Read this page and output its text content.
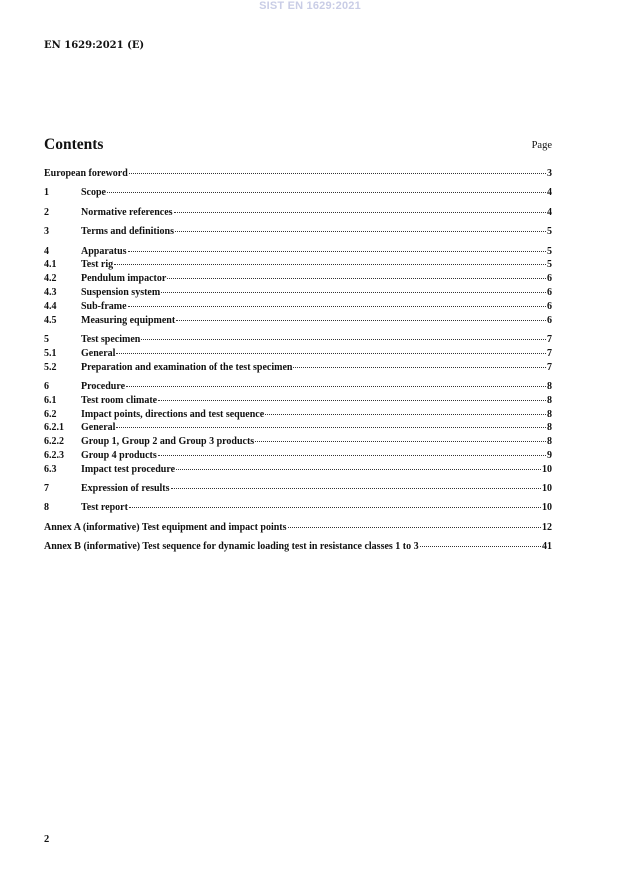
SIST EN 1629:2021
EN 1629:2021 (E)
Contents	Page
European foreword	3
1	Scope	4
2	Normative references	4
3	Terms and definitions	5
4	Apparatus	5
4.1	Test rig	5
4.2	Pendulum impactor	6
4.3	Suspension system	6
4.4	Sub-frame	6
4.5	Measuring equipment	6
5	Test specimen	7
5.1	General	7
5.2	Preparation and examination of the test specimen	7
6	Procedure	8
6.1	Test room climate	8
6.2	Impact points, directions and test sequence	8
6.2.1	General	8
6.2.2	Group 1, Group 2 and Group 3 products	8
6.2.3	Group 4 products	9
6.3	Impact test procedure	10
7	Expression of results	10
8	Test report	10
Annex A (informative) Test equipment and impact points	12
Annex B (informative) Test sequence for dynamic loading test in resistance classes 1 to 3	41
2
